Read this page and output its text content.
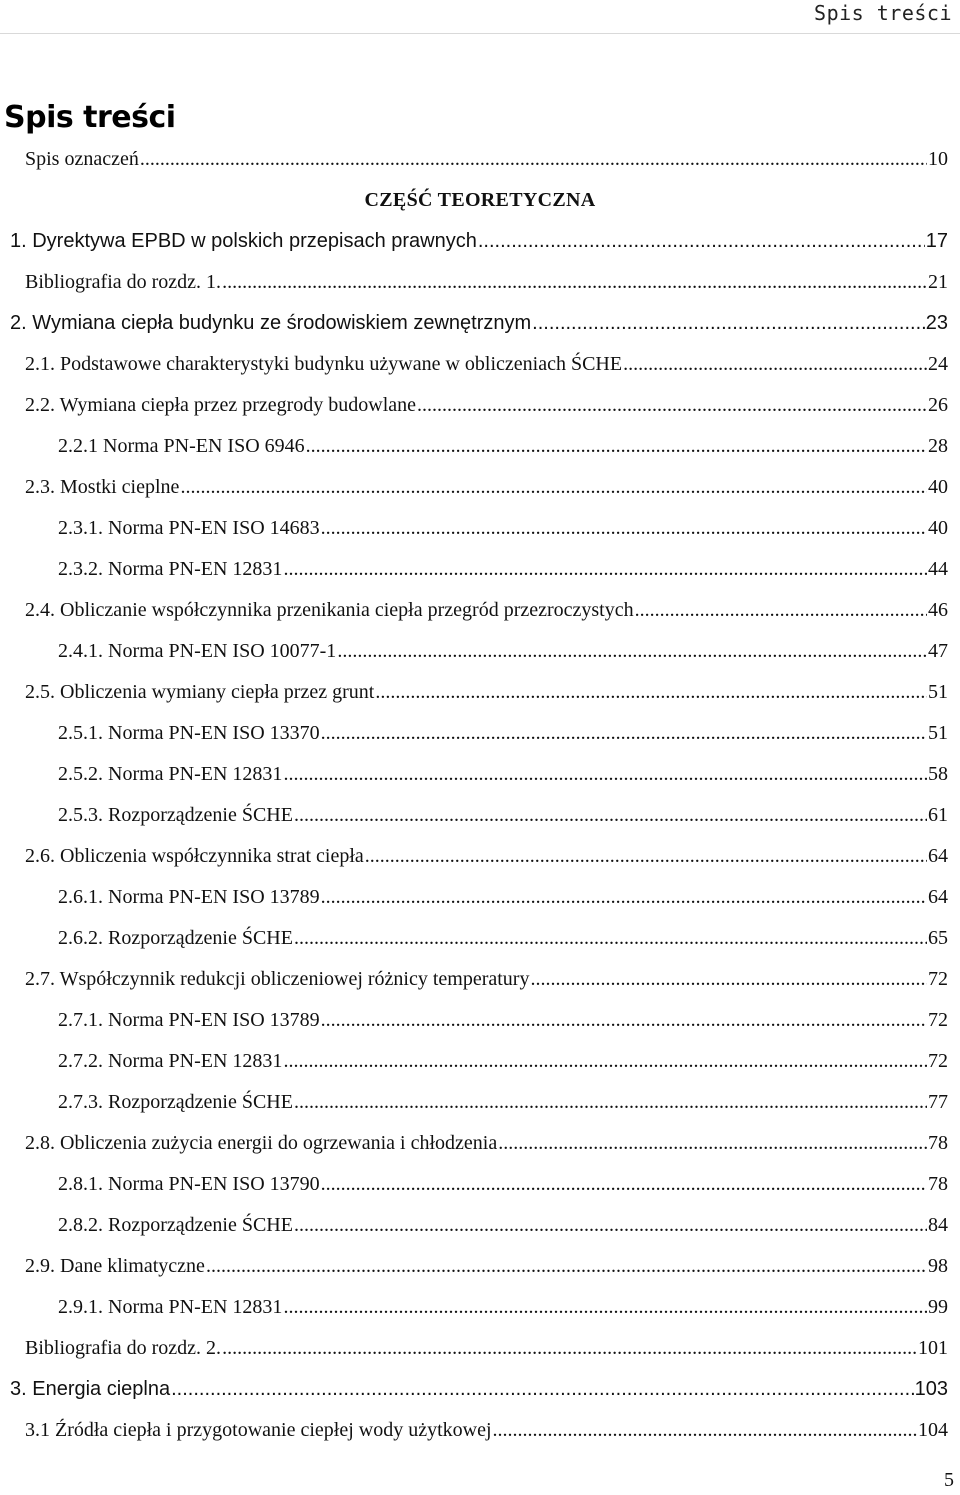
Spis treści
Spis treści
Spis oznaczeń .....	10
CZĘŚĆ TEORETYCZNA
1. Dyrektywa EPBD w polskich przepisach prawnych .....	17
Bibliografia do rozdz. 1. .....	21
2. Wymiana ciepła budynku ze środowiskiem zewnętrznym .....	23
2.1. Podstawowe charakterystyki budynku używane w obliczeniach ŚCHE .....	24
2.2. Wymiana ciepła przez przegrody budowlane .....	26
2.2.1 Norma PN-EN ISO 6946 .....	28
2.3. Mostki cieplne .....	40
2.3.1. Norma PN-EN ISO 14683 .....	40
2.3.2. Norma PN-EN 12831 .....	44
2.4. Obliczanie współczynnika przenikania ciepła przegród przezroczystych .....	46
2.4.1. Norma PN-EN ISO 10077-1 .....	47
2.5. Obliczenia wymiany ciepła przez grunt .....	51
2.5.1. Norma PN-EN ISO 13370 .....	51
2.5.2. Norma PN-EN 12831 .....	58
2.5.3. Rozporządzenie ŚCHE .....	61
2.6. Obliczenia współczynnika strat ciepła .....	64
2.6.1. Norma PN-EN ISO 13789 .....	64
2.6.2. Rozporządzenie ŚCHE .....	65
2.7. Współczynnik redukcji obliczeniowej różnicy temperatury .....	72
2.7.1. Norma PN-EN ISO 13789 .....	72
2.7.2. Norma PN-EN 12831 .....	72
2.7.3. Rozporządzenie ŚCHE .....	77
2.8. Obliczenia zużycia energii do ogrzewania i chłodzenia .....	78
2.8.1. Norma PN-EN ISO 13790 .....	78
2.8.2. Rozporządzenie ŚCHE .....	84
2.9. Dane klimatyczne .....	98
2.9.1. Norma PN-EN 12831 .....	99
Bibliografia do rozdz. 2. .....	101
3. Energia cieplna .....	103
3.1 Źródła ciepła i przygotowanie ciepłej wody użytkowej .....	104
5
